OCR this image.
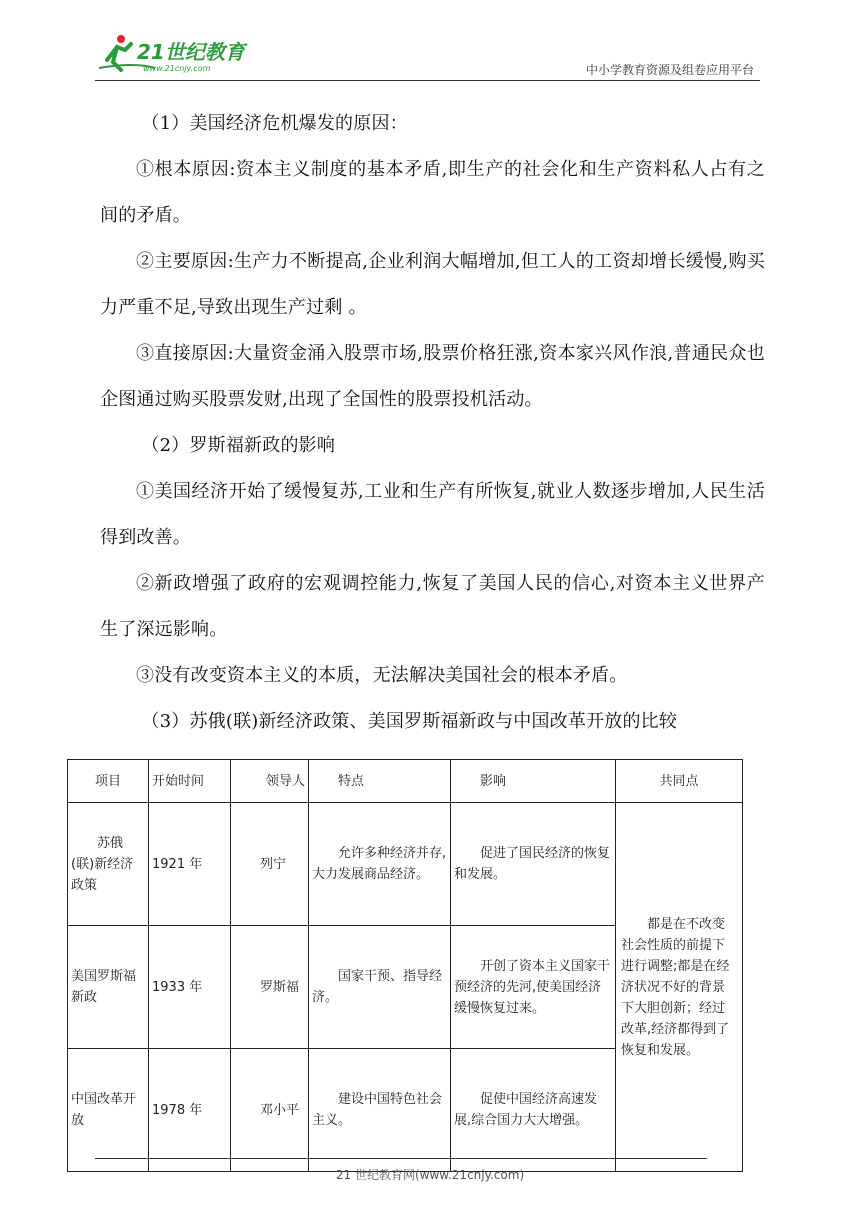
21世纪教育
www.21cnjy.com	中小学教育资源及组卷应用平台

（1）美国经济危机爆发的原因：

①根本原因:资本主义制度的基本矛盾,即生产的社会化和生产资料私人占有之间的矛盾。

②主要原因:生产力不断提高,企业利润大幅增加,但工人的工资却增长缓慢,购买力严重不足,导致出现生产过剩 。

③直接原因:大量资金涌入股票市场,股票价格狂涨,资本家兴风作浪,普通民众也企图通过购买股票发财,出现了全国性的股票投机活动。

（2）罗斯福新政的影响

①美国经济开始了缓慢复苏,工业和生产有所恢复,就业人数逐步增加,人民生活得到改善。

②新政增强了政府的宏观调控能力,恢复了美国人民的信心,对资本主义世界产生了深远影响。

③没有改变资本主义的本质，无法解决美国社会的根本矛盾。

（3）苏俄(联)新经济政策、美国罗斯福新政与中国改革开放的比较

项目	开始时间	领导人	特点	影响	共同点
苏俄(联)新经济政策	1921 年	列宁	允许多种经济并存,大力发展商品经济。	促进了国民经济的恢复和发展。	都是在不改变社会性质的前提下进行调整;都是在经济状况不好的背景下大胆创新；经过改革,经济都得到了恢复和发展。
美国罗斯福新政	1933 年	罗斯福	国家干预、指导经济。	开创了资本主义国家干预经济的先河,使美国经济缓慢恢复过来。	
中国改革开放	1978 年	邓小平	建设中国特色社会主义。	促使中国经济高速发展,综合国力大大增强。	
21 世纪教育网(www.21cnjy.com)
